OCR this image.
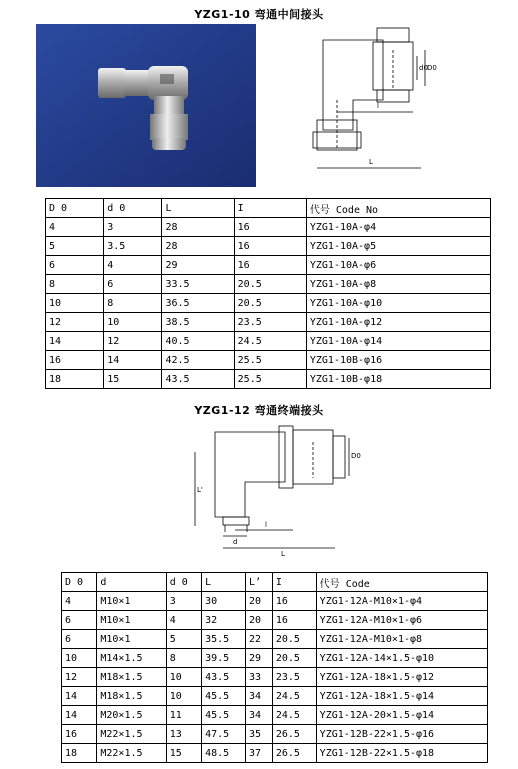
YZG1-10 弯通中间接头
d0 D0
l
L
D 0	d 0	L	I	代号 Code No
4	3	28	16	YZG1-10A-φ4
5	3.5	28	16	YZG1-10A-φ5
6	4	29	16	YZG1-10A-φ6
8	6	33.5	20.5	YZG1-10A-φ8
10	8	36.5	20.5	YZG1-10A-φ10
12	10	38.5	23.5	YZG1-10A-φ12
14	12	40.5	24.5	YZG1-10A-φ14
16	14	42.5	25.5	YZG1-10B-φ16
18	15	43.5	25.5	YZG1-10B-φ18
YZG1-12 弯通终端接头
D0
L'
d
l
L
D 0	d	d 0	L	L’	I	代号 Code
4	M10×1	3	30	20	16	YZG1-12A-M10×1-φ4
6	M10×1	4	32	20	16	YZG1-12A-M10×1-φ6
6	M10×1	5	35.5	22	20.5	YZG1-12A-M10×1-φ8
10	M14×1.5	8	39.5	29	20.5	YZG1-12A-14×1.5-φ10
12	M18×1.5	10	43.5	33	23.5	YZG1-12A-18×1.5-φ12
14	M18×1.5	10	45.5	34	24.5	YZG1-12A-18×1.5-φ14
14	M20×1.5	11	45.5	34	24.5	YZG1-12A-20×1.5-φ14
16	M22×1.5	13	47.5	35	26.5	YZG1-12B-22×1.5-φ16
18	M22×1.5	15	48.5	37	26.5	YZG1-12B-22×1.5-φ18
